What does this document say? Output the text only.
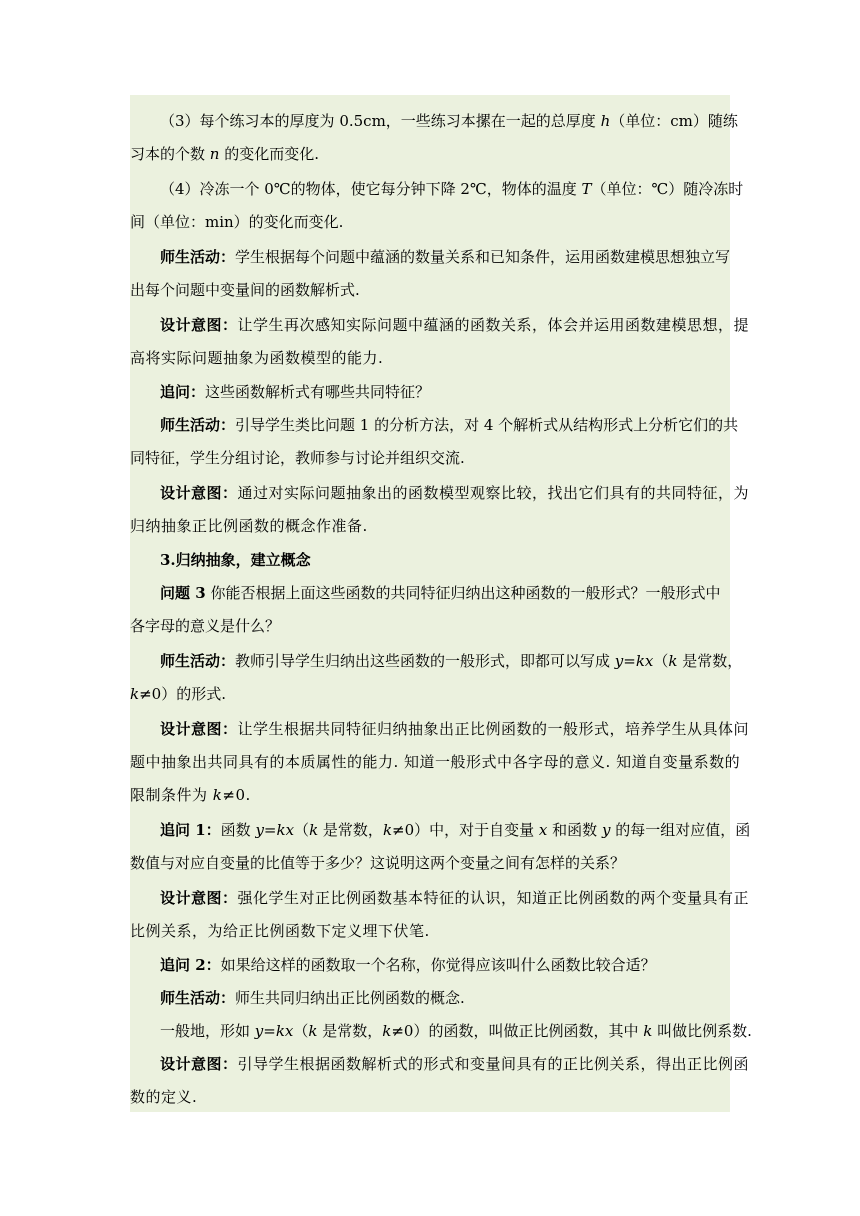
（3）每个练习本的厚度为 0.5cm，一些练习本摞在一起的总厚度 h（单位：cm）随练
习本的个数 n 的变化而变化.
（4）冷冻一个 0℃的物体，使它每分钟下降 2℃，物体的温度 T（单位：℃）随冷冻时
间（单位：min）的变化而变化.
师生活动：学生根据每个问题中蕴涵的数量关系和已知条件，运用函数建模思想独立写
出每个问题中变量间的函数解析式.
设计意图：让学生再次感知实际问题中蕴涵的函数关系，体会并运用函数建模思想，提
高将实际问题抽象为函数模型的能力.
追问：这些函数解析式有哪些共同特征？
师生活动：引导学生类比问题 1 的分析方法，对 4 个解析式从结构形式上分析它们的共
同特征，学生分组讨论，教师参与讨论并组织交流.
设计意图：通过对实际问题抽象出的函数模型观察比较，找出它们具有的共同特征，为
归纳抽象正比例函数的概念作准备.
3.归纳抽象，建立概念
问题 3 你能否根据上面这些函数的共同特征归纳出这种函数的一般形式？一般形式中
各字母的意义是什么？
师生活动：教师引导学生归纳出这些函数的一般形式，即都可以写成 y=kx（k 是常数，
k≠0）的形式.
设计意图：让学生根据共同特征归纳抽象出正比例函数的一般形式，培养学生从具体问
题中抽象出共同具有的本质属性的能力. 知道一般形式中各字母的意义. 知道自变量系数的
限制条件为 k≠0.
追问 1：函数 y=kx（k 是常数，k≠0）中，对于自变量 x 和函数 y 的每一组对应值，函
数值与对应自变量的比值等于多少？这说明这两个变量之间有怎样的关系？
设计意图：强化学生对正比例函数基本特征的认识，知道正比例函数的两个变量具有正
比例关系，为给正比例函数下定义埋下伏笔.
追问 2：如果给这样的函数取一个名称，你觉得应该叫什么函数比较合适？
师生活动：师生共同归纳出正比例函数的概念.
一般地，形如 y=kx（k 是常数，k≠0）的函数，叫做正比例函数，其中 k 叫做比例系数.
设计意图：引导学生根据函数解析式的形式和变量间具有的正比例关系，得出正比例函
数的定义.
